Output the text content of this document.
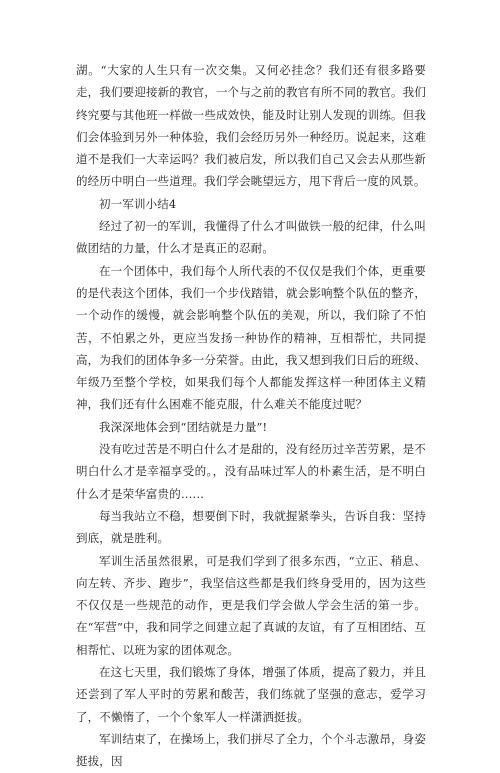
湖。“大家的人生只有一次交集。又何必挂念？我们还有很多路要走，我们要迎接新的教官，一个与之前的教官有所不同的教官。我们终究要与其他班一样做一些成效快，能及时让别人发现的训练。但我们会体验到另外一种体验，我们会经历另外一种经历。说起来，这难道不是我们一大幸运吗？我们被启发，所以我们自己又会去从那些新的经历中明白一些道理。我们学会眺望远方，甩下背后一度的风景。

初一军训小结4

经过了初一的军训，我懂得了什么才叫做铁一般的纪律，什么叫做团结的力量，什么才是真正的忍耐。

在一个团体中，我们每个人所代表的不仅仅是我们个体，更重要的是代表这个团体，我们一个步伐踏错，就会影响整个队伍的整齐，一个动作的缓慢，就会影响整个队伍的美观，所以，我们除了不怕苦，不怕累之外，更应当发扬一种协作的精神，互相帮忙，共同提高，为我们的团体争多一分荣誉。由此，我又想到我们日后的班级、年级乃至整个学校，如果我们每个人都能发挥这样一种团体主义精神，我们还有什么困难不能克服，什么难关不能度过呢？

我深深地体会到“团结就是力量”!

没有吃过苦是不明白什么才是甜的，没有经历过辛苦劳累，是不明白什么才是幸福享受的。，没有品味过军人的朴素生活，是不明白什么才是荣华富贵的……

每当我站立不稳，想要倒下时，我就握紧拳头，告诉自我：坚持到底，就是胜利。

军训生活虽然很累，可是我们学到了很多东西，“立正、稍息、向左转、齐步、跑步”，我坚信这些都是我们终身受用的，因为这些不仅仅是一些规范的动作，更是我们学会做人学会生活的第一步。在“军营”中，我和同学之间建立起了真诚的友谊，有了互相团结、互相帮忙、以班为家的团体观念。

在这七天里，我们锻炼了身体，增强了体质，提高了毅力，并且还尝到了军人平时的劳累和酸苦，我们练就了坚强的意志，爱学习了，不懒惰了，一个个象军人一样潇洒挺拔。

军训结束了，在操场上，我们拼尽了全力，个个斗志激昂，身姿挺拔，因
